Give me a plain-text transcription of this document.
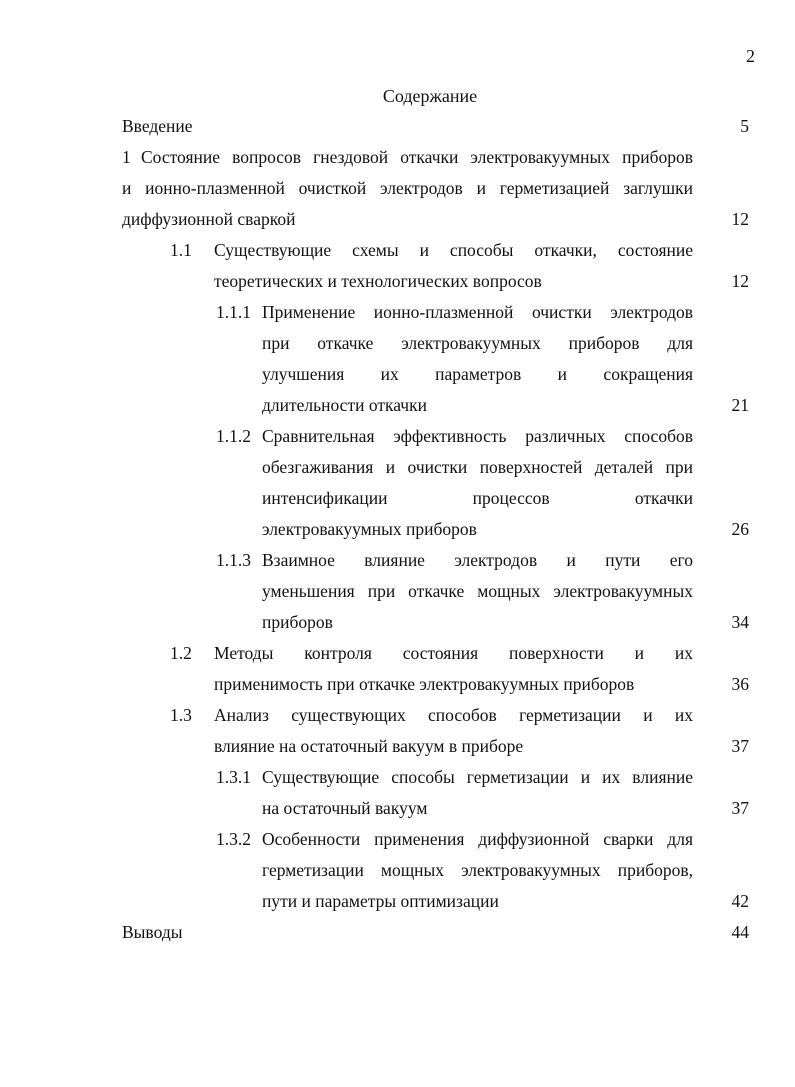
2
Содержание
Введение	5
1 Состояние вопросов гнездовой откачки электровакуумных приборов
и ионно-плазменной очисткой электродов и герметизацией заглушки
диффузионной сваркой	12
1.1 Существующие схемы и способы откачки, состояние
теоретических и технологических вопросов	12
1.1.1 Применение ионно-плазменной очистки электродов
при откачке электровакуумных приборов для
улучшения их параметров и сокращения
длительности откачки	21
1.1.2 Сравнительная эффективность различных способов
обезгаживания и очистки поверхностей деталей при
интенсификации процессов откачки
электровакуумных приборов	26
1.1.3 Взаимное влияние электродов и пути его
уменьшения при откачке мощных электровакуумных
приборов	34
1.2 Методы контроля состояния поверхности и их
применимость при откачке электровакуумных приборов	36
1.3 Анализ существующих способов герметизации и их
влияние на остаточный вакуум в приборе	37
1.3.1 Существующие способы герметизации и их влияние
на остаточный вакуум	37
1.3.2 Особенности применения диффузионной сварки для
герметизации мощных электровакуумных приборов,
пути и параметры оптимизации	42
Выводы	44
